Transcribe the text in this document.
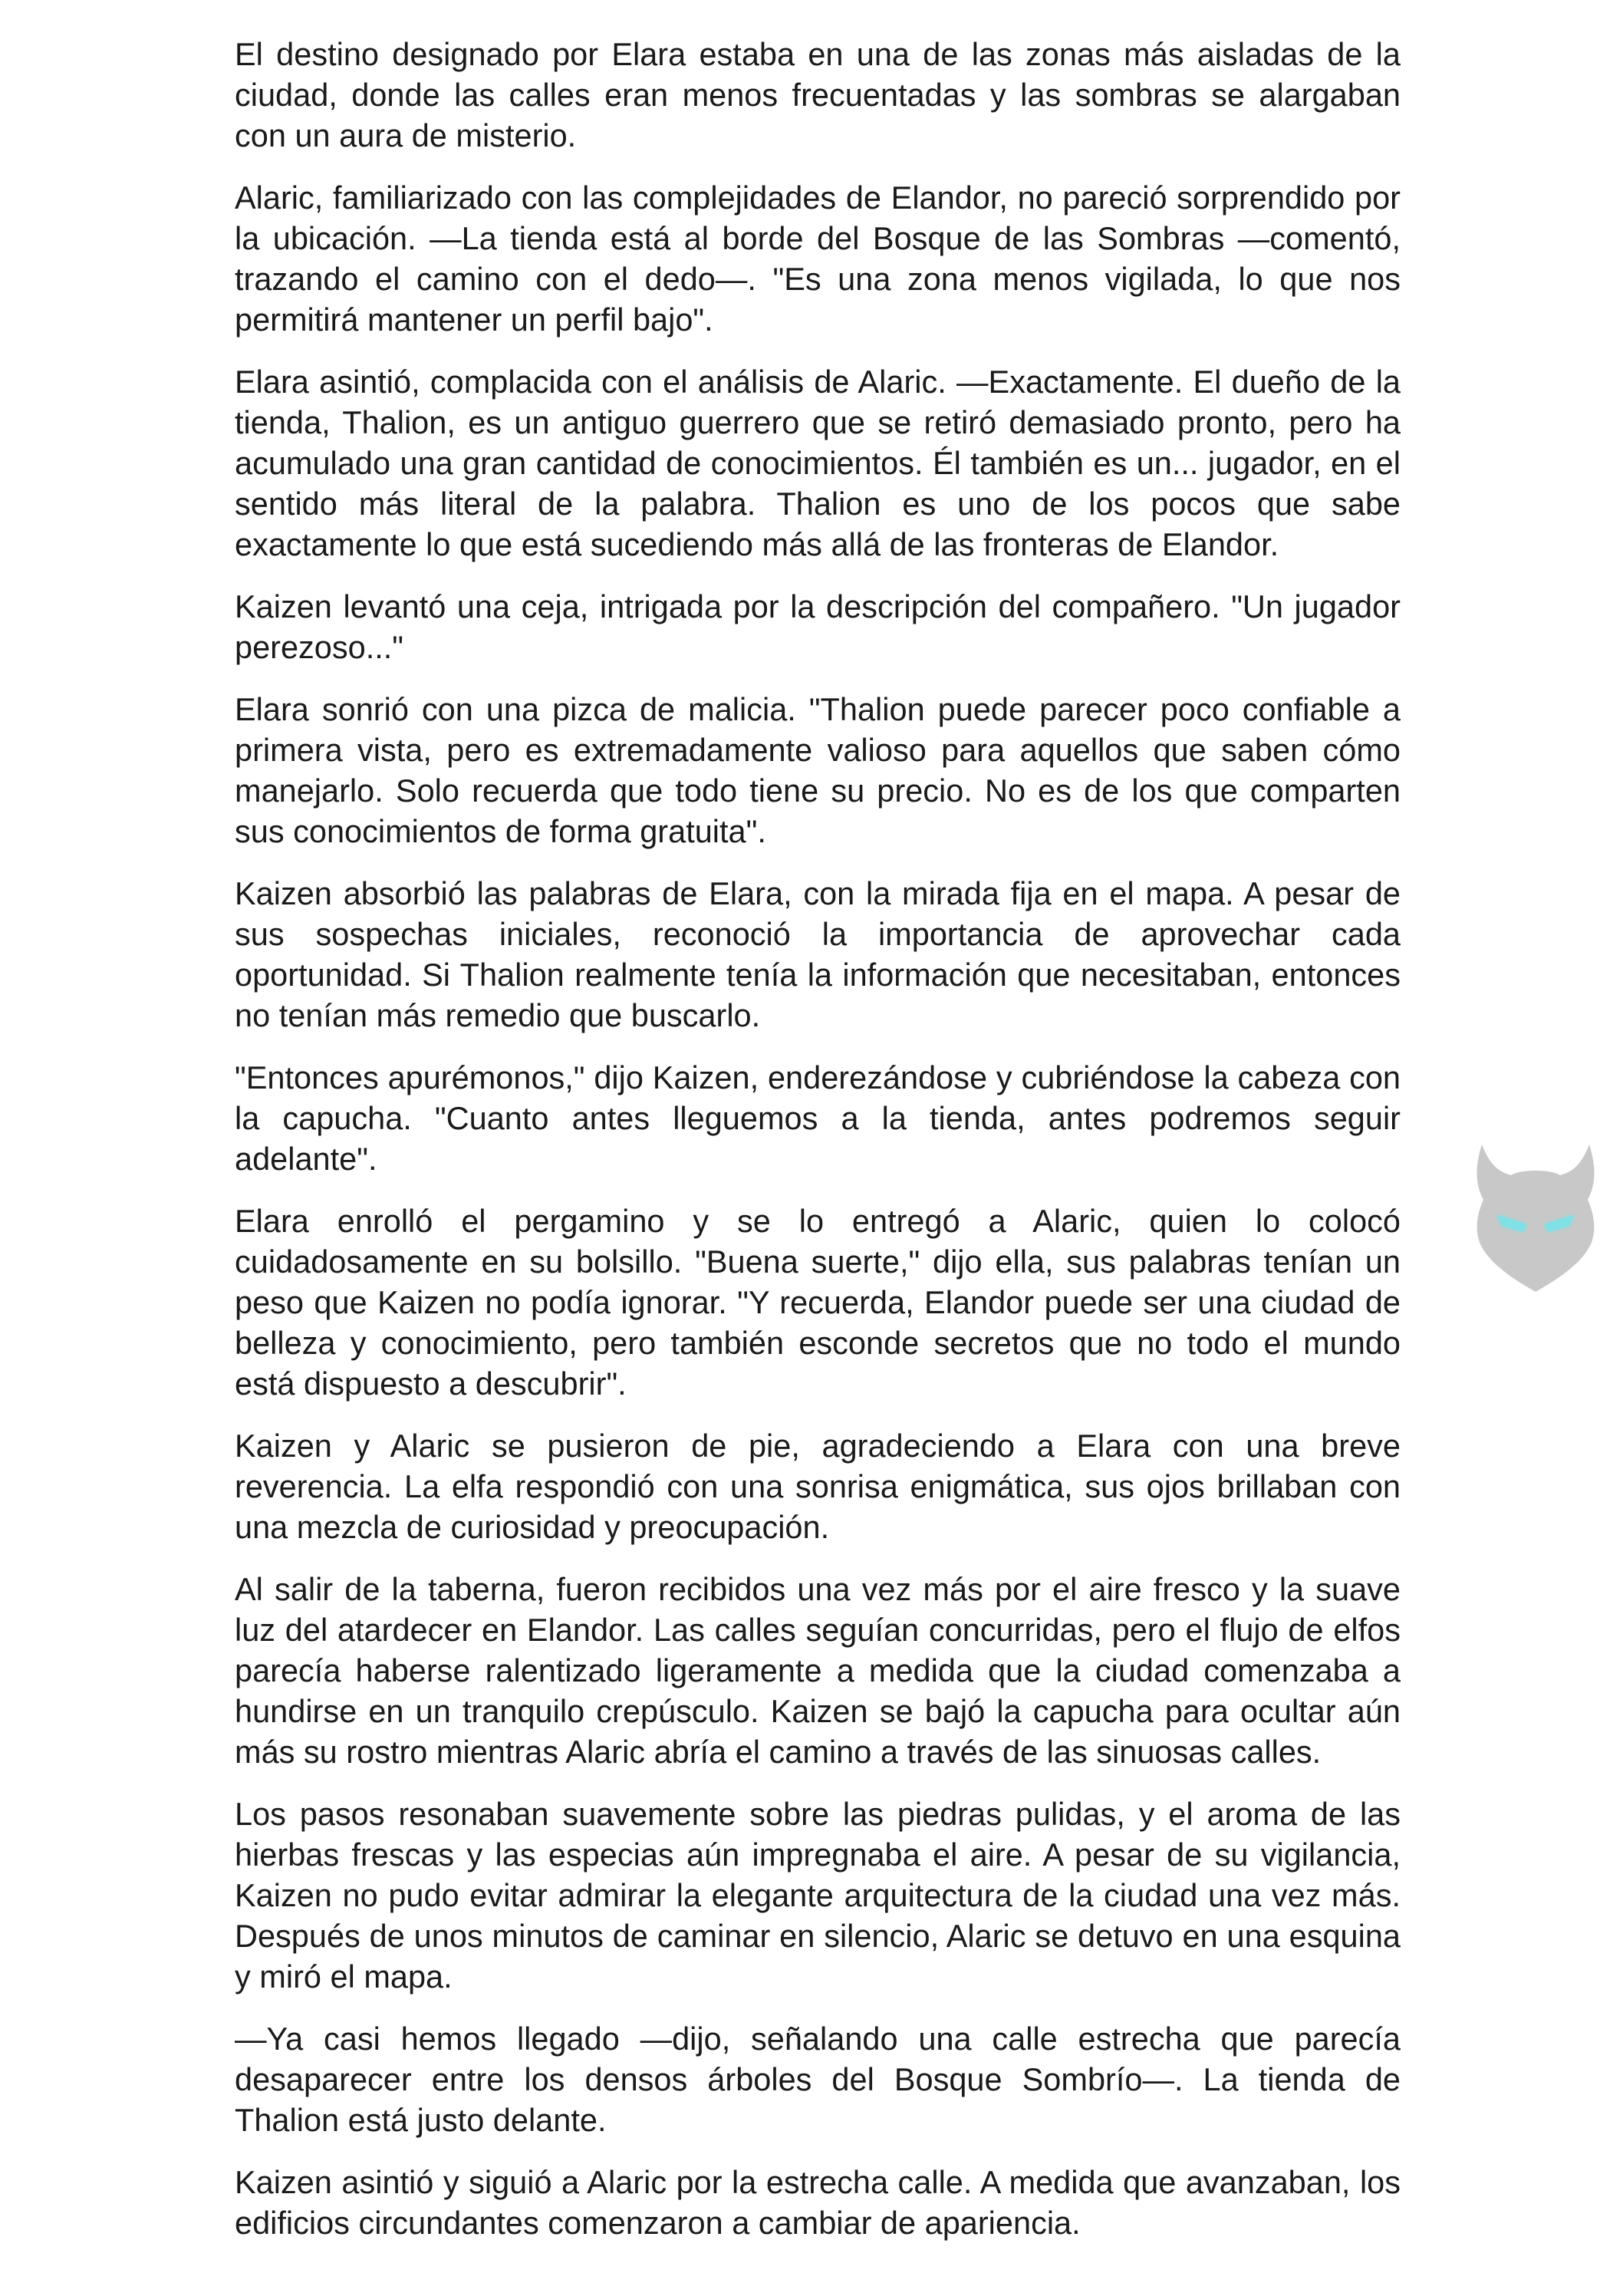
El destino designado por Elara estaba en una de las zonas más aisladas de la ciudad, donde las calles eran menos frecuentadas y las sombras se alargaban con un aura de misterio.

Alaric, familiarizado con las complejidades de Elandor, no pareció sorprendido por la ubicación. —La tienda está al borde del Bosque de las Sombras —comentó, trazando el camino con el dedo—. "Es una zona menos vigilada, lo que nos permitirá mantener un perfil bajo".

Elara asintió, complacida con el análisis de Alaric. —Exactamente. El dueño de la tienda, Thalion, es un antiguo guerrero que se retiró demasiado pronto, pero ha acumulado una gran cantidad de conocimientos. Él también es un... jugador, en el sentido más literal de la palabra. Thalion es uno de los pocos que sabe exactamente lo que está sucediendo más allá de las fronteras de Elandor.

Kaizen levantó una ceja, intrigada por la descripción del compañero. "Un jugador perezoso..."

Elara sonrió con una pizca de malicia. "Thalion puede parecer poco confiable a primera vista, pero es extremadamente valioso para aquellos que saben cómo manejarlo. Solo recuerda que todo tiene su precio. No es de los que comparten sus conocimientos de forma gratuita".

Kaizen absorbió las palabras de Elara, con la mirada fija en el mapa. A pesar de sus sospechas iniciales, reconoció la importancia de aprovechar cada oportunidad. Si Thalion realmente tenía la información que necesitaban, entonces no tenían más remedio que buscarlo.

"Entonces apurémonos," dijo Kaizen, enderezándose y cubriéndose la cabeza con la capucha. "Cuanto antes lleguemos a la tienda, antes podremos seguir adelante".

Elara enrolló el pergamino y se lo entregó a Alaric, quien lo colocó cuidadosamente en su bolsillo. "Buena suerte," dijo ella, sus palabras tenían un peso que Kaizen no podía ignorar. "Y recuerda, Elandor puede ser una ciudad de belleza y conocimiento, pero también esconde secretos que no todo el mundo está dispuesto a descubrir".

Kaizen y Alaric se pusieron de pie, agradeciendo a Elara con una breve reverencia. La elfa respondió con una sonrisa enigmática, sus ojos brillaban con una mezcla de curiosidad y preocupación.

Al salir de la taberna, fueron recibidos una vez más por el aire fresco y la suave luz del atardecer en Elandor. Las calles seguían concurridas, pero el flujo de elfos parecía haberse ralentizado ligeramente a medida que la ciudad comenzaba a hundirse en un tranquilo crepúsculo. Kaizen se bajó la capucha para ocultar aún más su rostro mientras Alaric abría el camino a través de las sinuosas calles.

Los pasos resonaban suavemente sobre las piedras pulidas, y el aroma de las hierbas frescas y las especias aún impregnaba el aire. A pesar de su vigilancia, Kaizen no pudo evitar admirar la elegante arquitectura de la ciudad una vez más. Después de unos minutos de caminar en silencio, Alaric se detuvo en una esquina y miró el mapa.

—Ya casi hemos llegado —dijo, señalando una calle estrecha que parecía desaparecer entre los densos árboles del Bosque Sombrío—. La tienda de Thalion está justo delante.

Kaizen asintió y siguió a Alaric por la estrecha calle. A medida que avanzaban, los edificios circundantes comenzaron a cambiar de apariencia.
